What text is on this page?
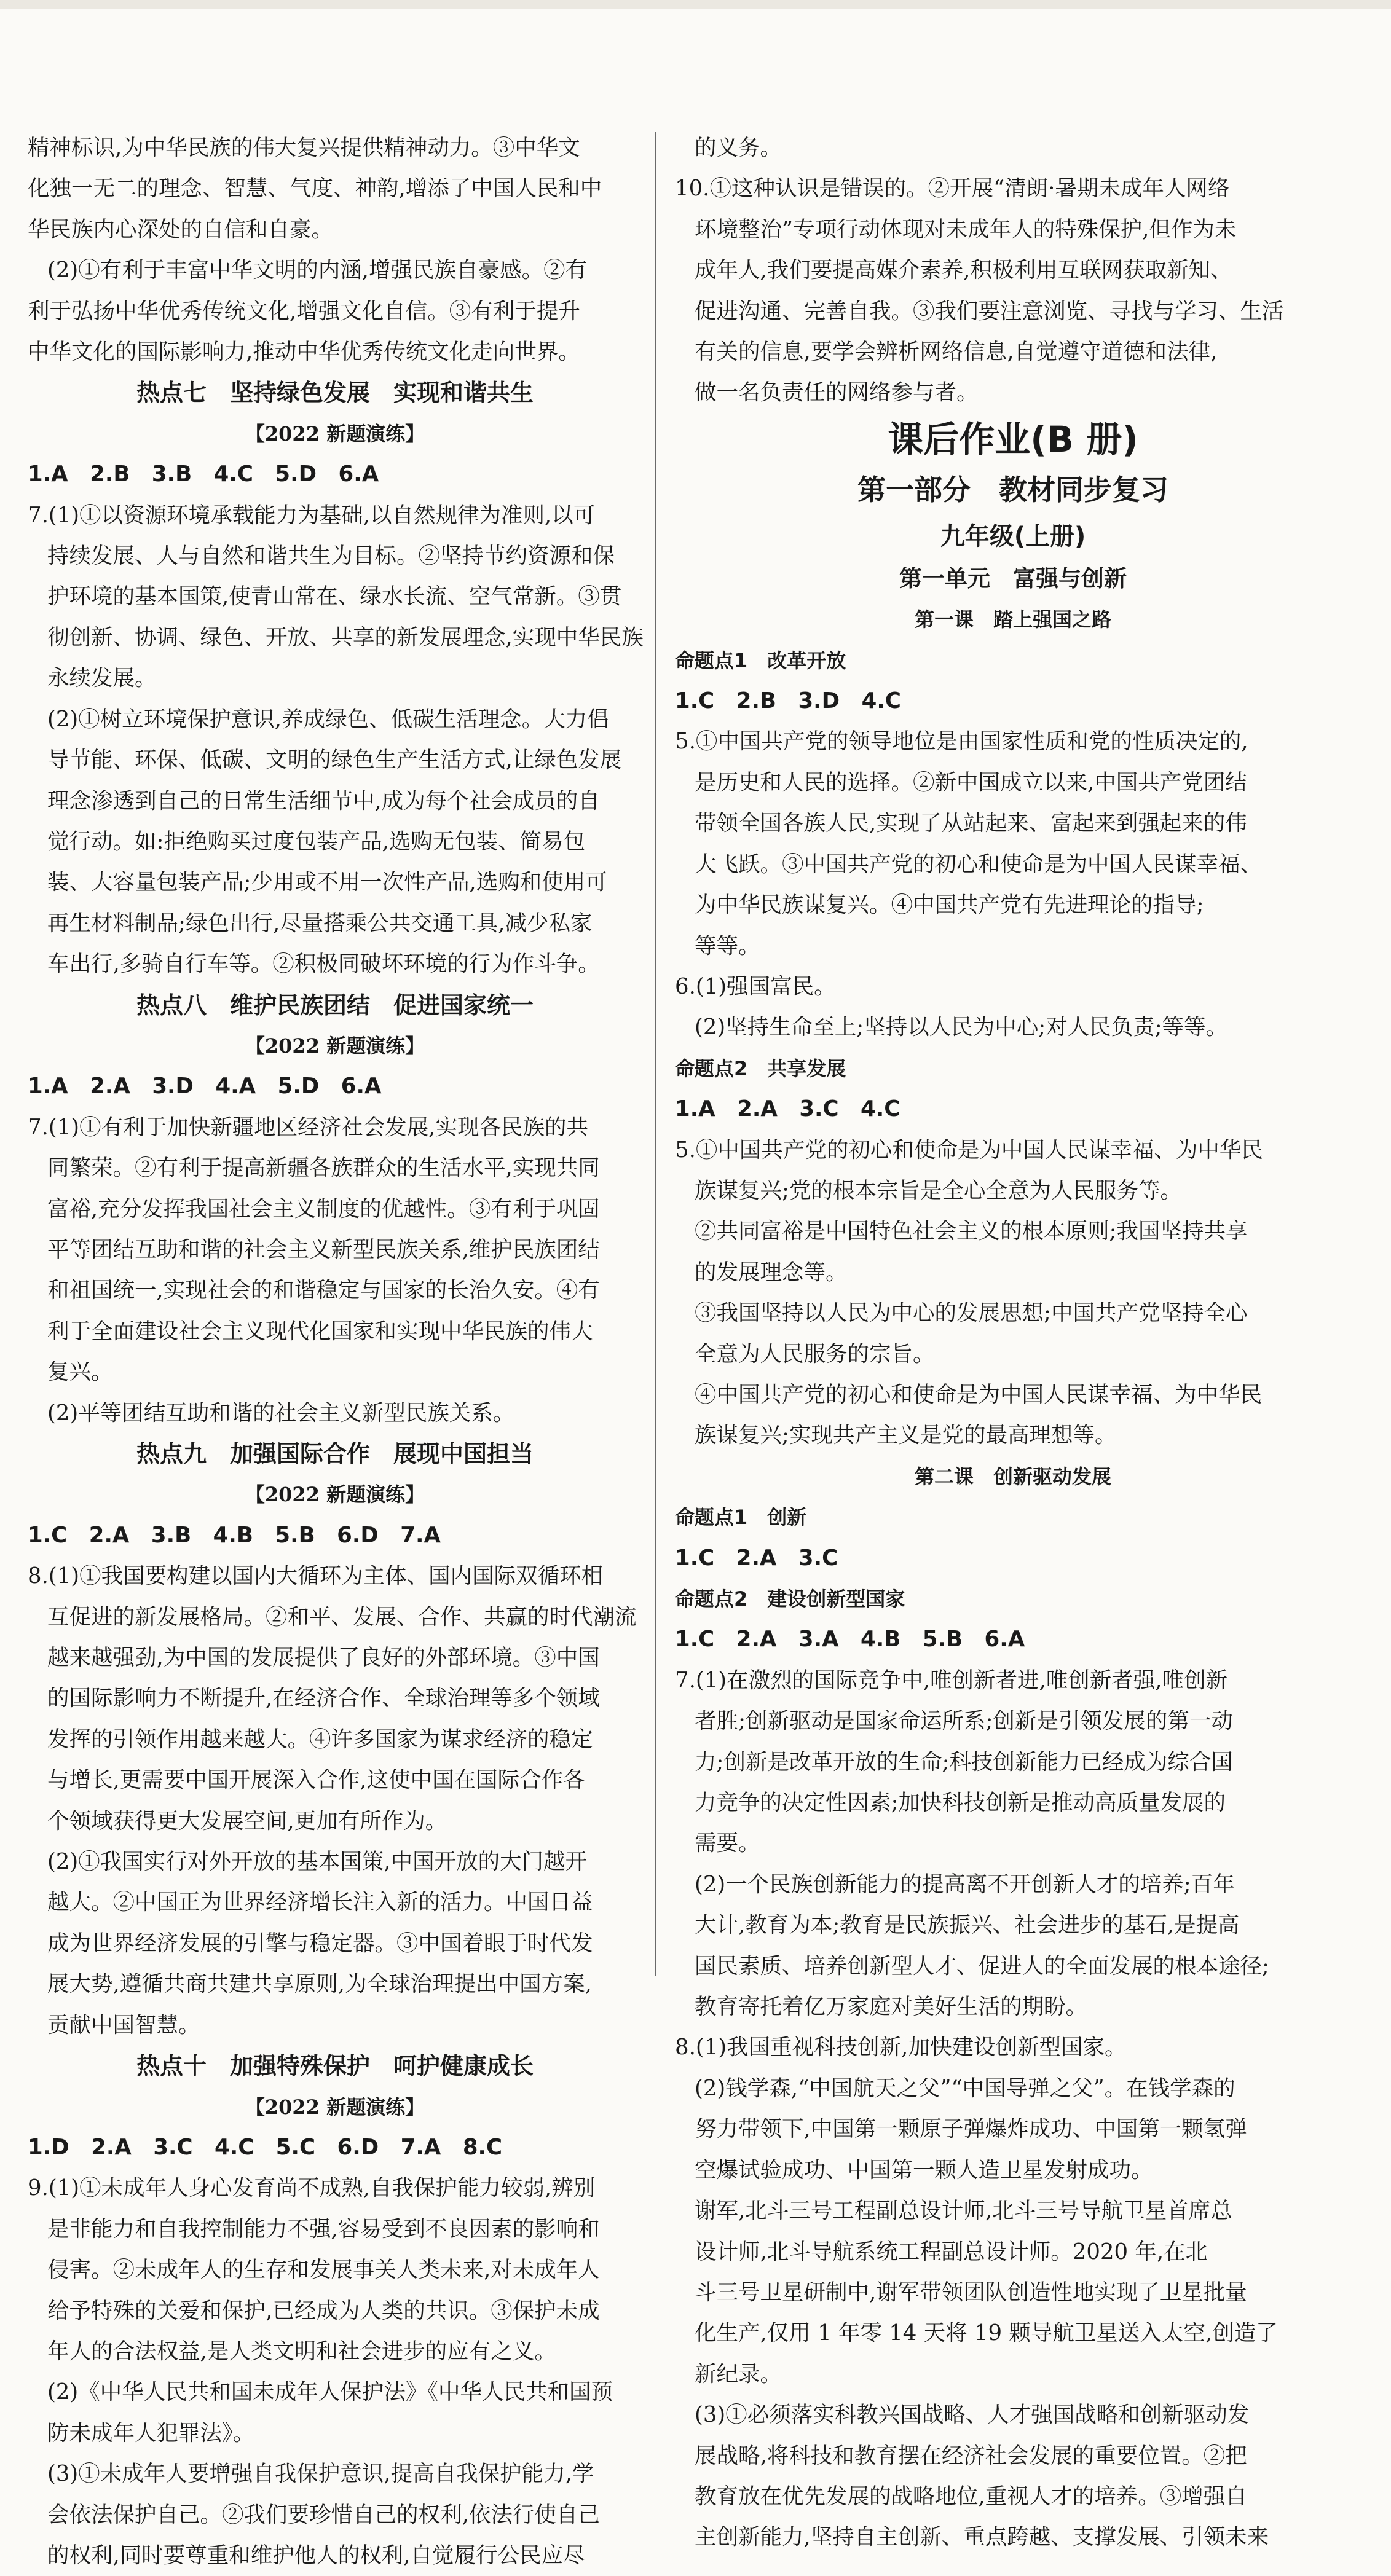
精神标识,为中华民族的伟大复兴提供精神动力。③中华文
化独一无二的理念、智慧、气度、神韵,增添了中国人民和中
华民族内心深处的自信和自豪。
(2)①有利于丰富中华文明的内涵,增强民族自豪感。②有
利于弘扬中华优秀传统文化,增强文化自信。③有利于提升
中华文化的国际影响力,推动中华优秀传统文化走向世界。
热点七　坚持绿色发展　实现和谐共生
【2022 新题演练】
1.A　2.B　3.B　4.C　5.D　6.A
7.(1)①以资源环境承载能力为基础,以自然规律为准则,以可
持续发展、人与自然和谐共生为目标。②坚持节约资源和保
护环境的基本国策,使青山常在、绿水长流、空气常新。③贯
彻创新、协调、绿色、开放、共享的新发展理念,实现中华民族
永续发展。
(2)①树立环境保护意识,养成绿色、低碳生活理念。大力倡
导节能、环保、低碳、文明的绿色生产生活方式,让绿色发展
理念渗透到自己的日常生活细节中,成为每个社会成员的自
觉行动。如:拒绝购买过度包装产品,选购无包装、简易包
装、大容量包装产品;少用或不用一次性产品,选购和使用可
再生材料制品;绿色出行,尽量搭乘公共交通工具,减少私家
车出行,多骑自行车等。②积极同破坏环境的行为作斗争。
热点八　维护民族团结　促进国家统一
【2022 新题演练】
1.A　2.A　3.D　4.A　5.D　6.A
7.(1)①有利于加快新疆地区经济社会发展,实现各民族的共
同繁荣。②有利于提高新疆各族群众的生活水平,实现共同
富裕,充分发挥我国社会主义制度的优越性。③有利于巩固
平等团结互助和谐的社会主义新型民族关系,维护民族团结
和祖国统一,实现社会的和谐稳定与国家的长治久安。④有
利于全面建设社会主义现代化国家和实现中华民族的伟大
复兴。
(2)平等团结互助和谐的社会主义新型民族关系。
热点九　加强国际合作　展现中国担当
【2022 新题演练】
1.C　2.A　3.B　4.B　5.B　6.D　7.A
8.(1)①我国要构建以国内大循环为主体、国内国际双循环相
互促进的新发展格局。②和平、发展、合作、共赢的时代潮流
越来越强劲,为中国的发展提供了良好的外部环境。③中国
的国际影响力不断提升,在经济合作、全球治理等多个领域
发挥的引领作用越来越大。④许多国家为谋求经济的稳定
与增长,更需要中国开展深入合作,这使中国在国际合作各
个领域获得更大发展空间,更加有所作为。
(2)①我国实行对外开放的基本国策,中国开放的大门越开
越大。②中国正为世界经济增长注入新的活力。中国日益
成为世界经济发展的引擎与稳定器。③中国着眼于时代发
展大势,遵循共商共建共享原则,为全球治理提出中国方案,
贡献中国智慧。
热点十　加强特殊保护　呵护健康成长
【2022 新题演练】
1.D　2.A　3.C　4.C　5.C　6.D　7.A　8.C
9.(1)①未成年人身心发育尚不成熟,自我保护能力较弱,辨别
是非能力和自我控制能力不强,容易受到不良因素的影响和
侵害。②未成年人的生存和发展事关人类未来,对未成年人
给予特殊的关爱和保护,已经成为人类的共识。③保护未成
年人的合法权益,是人类文明和社会进步的应有之义。
(2)《中华人民共和国未成年人保护法》《中华人民共和国预
防未成年人犯罪法》。
(3)①未成年人要增强自我保护意识,提高自我保护能力,学
会依法保护自己。②我们要珍惜自己的权利,依法行使自己
的权利,同时要尊重和维护他人的权利,自觉履行公民应尽
的义务。
10.①这种认识是错误的。②开展“清朗·暑期未成年人网络
环境整治”专项行动体现对未成年人的特殊保护,但作为未
成年人,我们要提高媒介素养,积极利用互联网获取新知、
促进沟通、完善自我。③我们要注意浏览、寻找与学习、生活
有关的信息,要学会辨析网络信息,自觉遵守道德和法律,
做一名负责任的网络参与者。
课后作业(B 册)
第一部分　教材同步复习
九年级(上册)
第一单元　富强与创新
第一课　踏上强国之路
命题点1　改革开放
1.C　2.B　3.D　4.C
5.①中国共产党的领导地位是由国家性质和党的性质决定的,
是历史和人民的选择。②新中国成立以来,中国共产党团结
带领全国各族人民,实现了从站起来、富起来到强起来的伟
大飞跃。③中国共产党的初心和使命是为中国人民谋幸福、
为中华民族谋复兴。④中国共产党有先进理论的指导;
等等。
6.(1)强国富民。
(2)坚持生命至上;坚持以人民为中心;对人民负责;等等。
命题点2　共享发展
1.A　2.A　3.C　4.C
5.①中国共产党的初心和使命是为中国人民谋幸福、为中华民
族谋复兴;党的根本宗旨是全心全意为人民服务等。
②共同富裕是中国特色社会主义的根本原则;我国坚持共享
的发展理念等。
③我国坚持以人民为中心的发展思想;中国共产党坚持全心
全意为人民服务的宗旨。
④中国共产党的初心和使命是为中国人民谋幸福、为中华民
族谋复兴;实现共产主义是党的最高理想等。
第二课　创新驱动发展
命题点1　创新
1.C　2.A　3.C
命题点2　建设创新型国家
1.C　2.A　3.A　4.B　5.B　6.A
7.(1)在激烈的国际竞争中,唯创新者进,唯创新者强,唯创新
者胜;创新驱动是国家命运所系;创新是引领发展的第一动
力;创新是改革开放的生命;科技创新能力已经成为综合国
力竞争的决定性因素;加快科技创新是推动高质量发展的
需要。
(2)一个民族创新能力的提高离不开创新人才的培养;百年
大计,教育为本;教育是民族振兴、社会进步的基石,是提高
国民素质、培养创新型人才、促进人的全面发展的根本途径;
教育寄托着亿万家庭对美好生活的期盼。
8.(1)我国重视科技创新,加快建设创新型国家。
(2)钱学森,“中国航天之父”“中国导弹之父”。在钱学森的
努力带领下,中国第一颗原子弹爆炸成功、中国第一颗氢弹
空爆试验成功、中国第一颗人造卫星发射成功。
谢军,北斗三号工程副总设计师,北斗三号导航卫星首席总
设计师,北斗导航系统工程副总设计师。2020 年,在北
斗三号卫星研制中,谢军带领团队创造性地实现了卫星批量
化生产,仅用 1 年零 14 天将 19 颗导航卫星送入太空,创造了
新纪录。
(3)①必须落实科教兴国战略、人才强国战略和创新驱动发
展战略,将科技和教育摆在经济社会发展的重要位置。②把
教育放在优先发展的战略地位,重视人才的培养。③增强自
主创新能力,坚持自主创新、重点跨越、支撑发展、引领未来
